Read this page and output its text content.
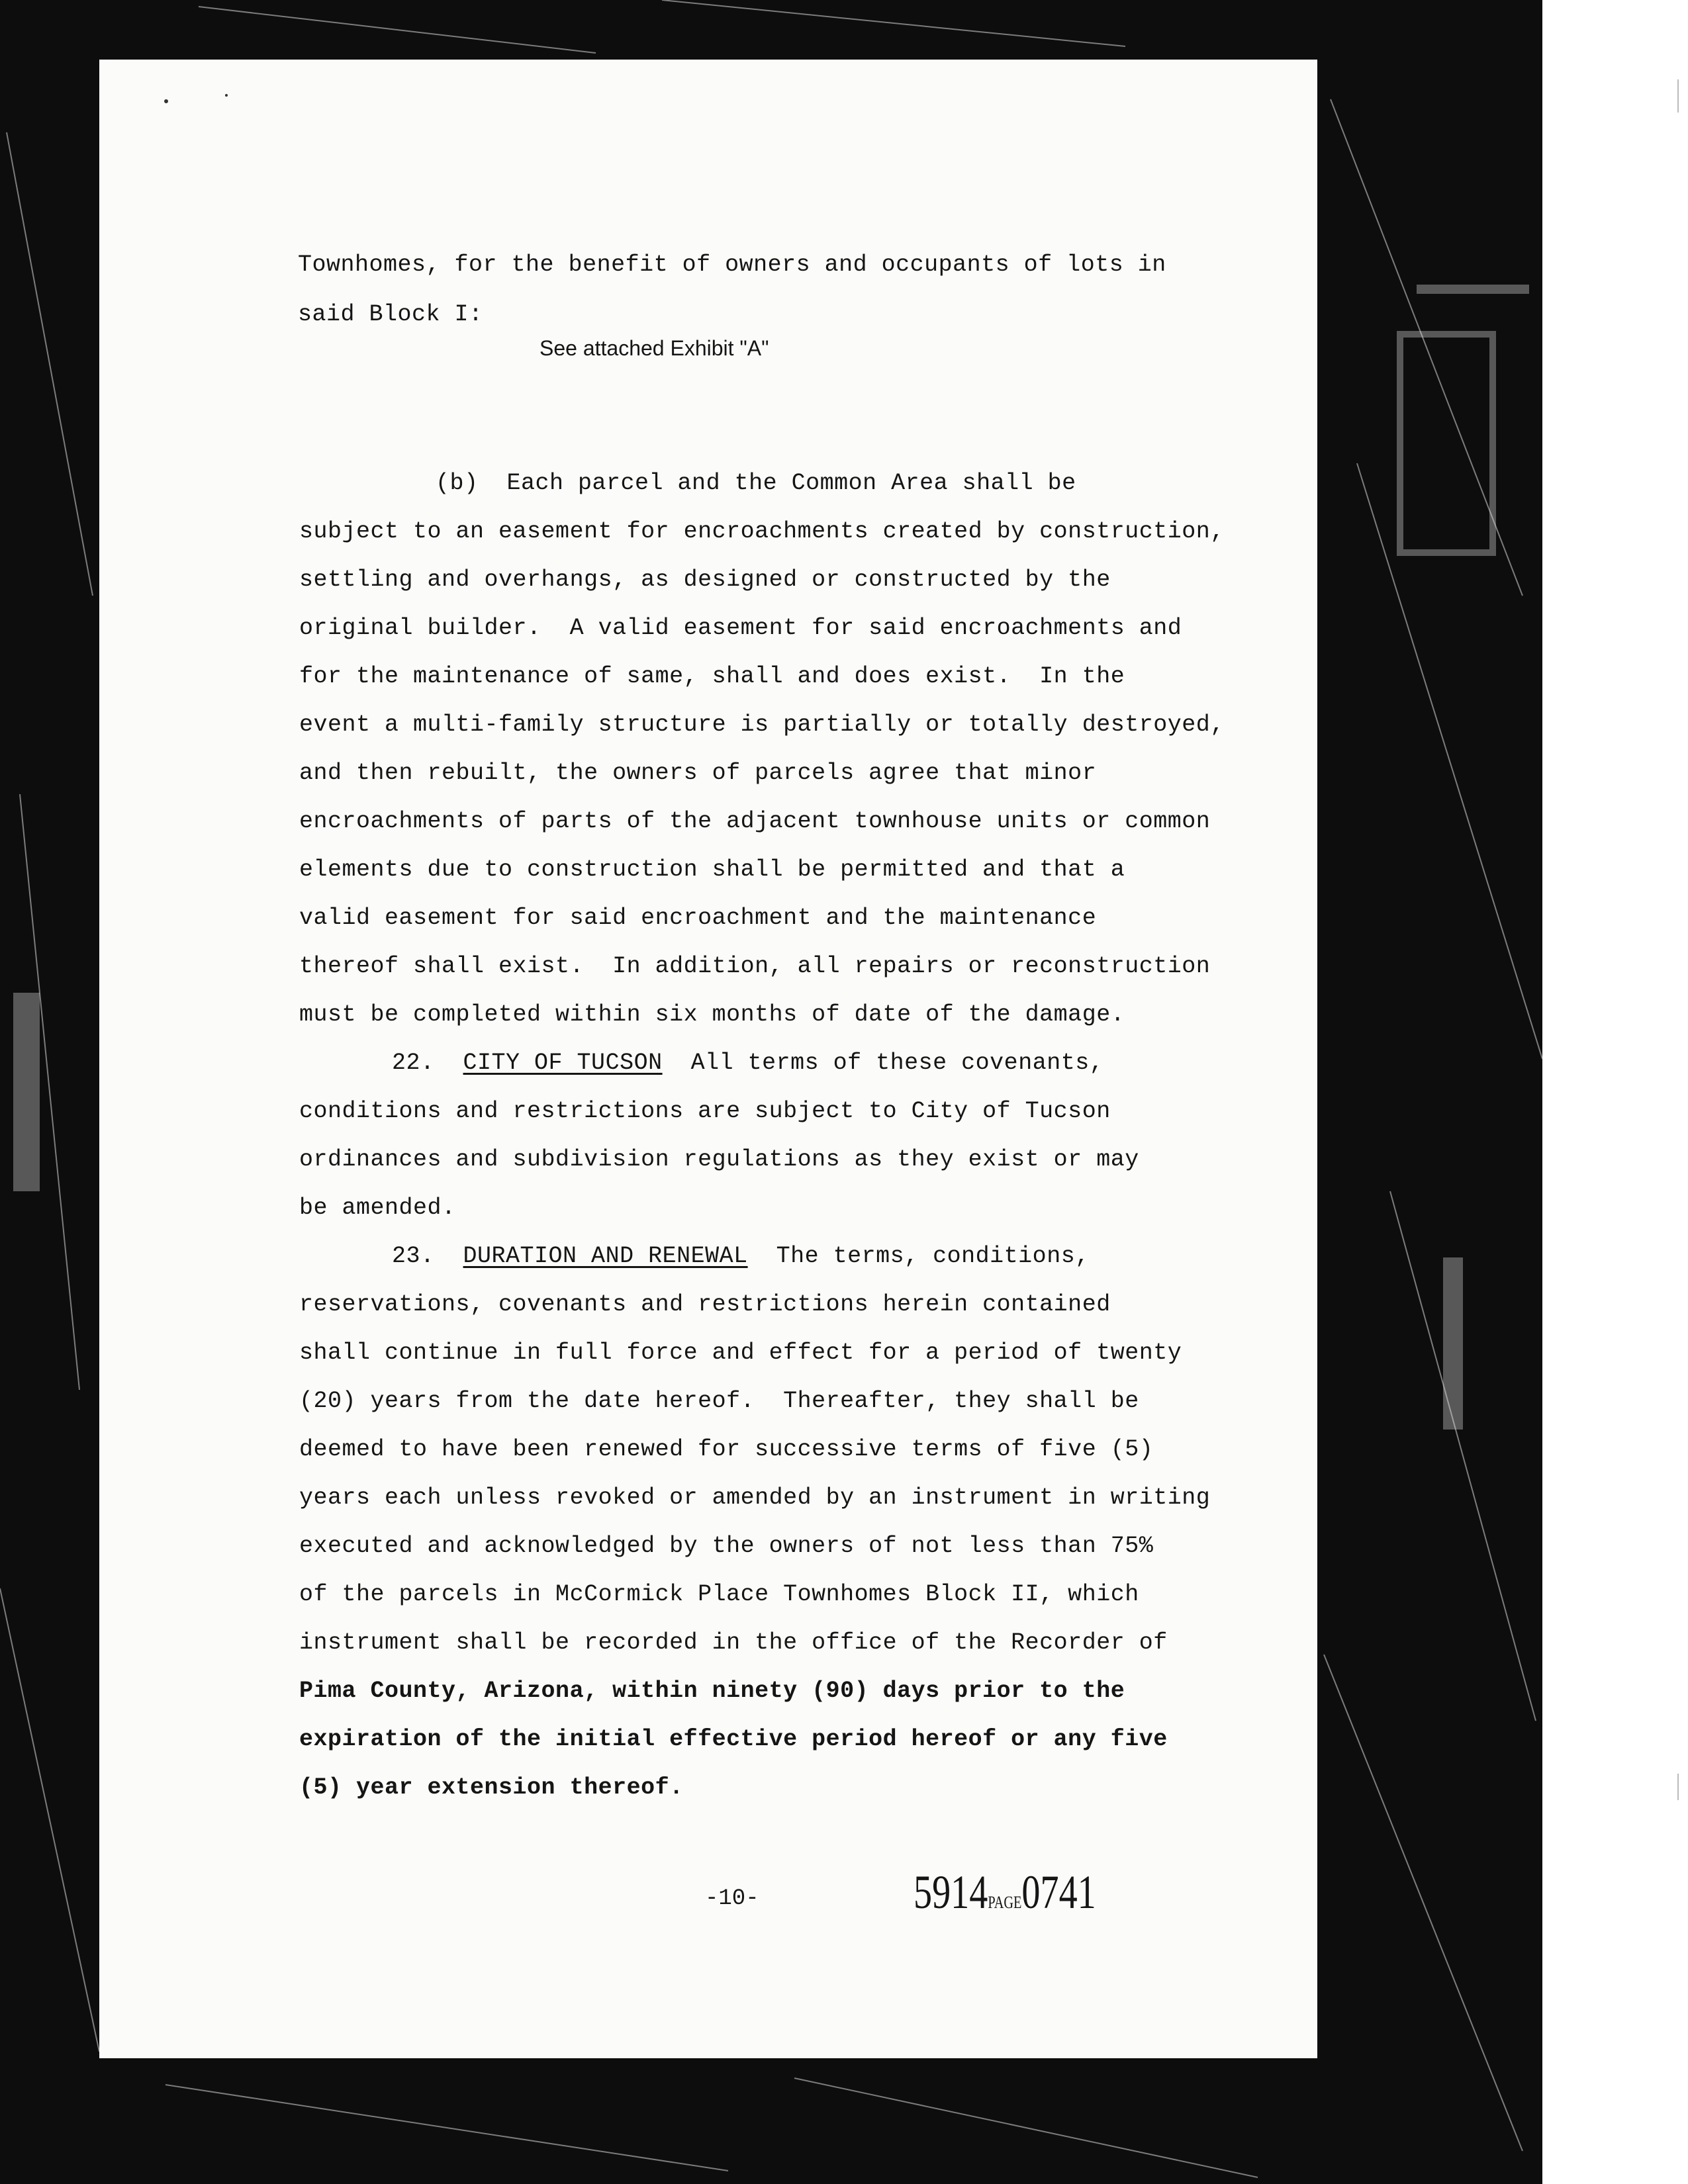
Townhomes, for the benefit of owners and occupants of lots in
said Block I:
See attached Exhibit "A"
(b)  Each parcel and the Common Area shall be
subject to an easement for encroachments created by construction,
settling and overhangs, as designed or constructed by the
original builder.  A valid easement for said encroachments and
for the maintenance of same, shall and does exist.  In the
event a multi-family structure is partially or totally destroyed,
and then rebuilt, the owners of parcels agree that minor
encroachments of parts of the adjacent townhouse units or common
elements due to construction shall be permitted and that a
valid easement for said encroachment and the maintenance
thereof shall exist.  In addition, all repairs or reconstruction
must be completed within six months of date of the damage.
22. CITY OF TUCSON All terms of these covenants,
conditions and restrictions are subject to City of Tucson
ordinances and subdivision regulations as they exist or may
be amended.
23. DURATION AND RENEWAL The terms, conditions,
reservations, covenants and restrictions herein contained
shall continue in full force and effect for a period of twenty
(20) years from the date hereof.  Thereafter, they shall be
deemed to have been renewed for successive terms of five (5)
years each unless revoked or amended by an instrument in writing
executed and acknowledged by the owners of not less than 75%
of the parcels in McCormick Place Townhomes Block II, which
instrument shall be recorded in the office of the Recorder of
Pima County, Arizona, within ninety (90) days prior to the
expiration of the initial effective period hereof or any five
(5) year extension thereof.
-10-	5914PAGE0741
